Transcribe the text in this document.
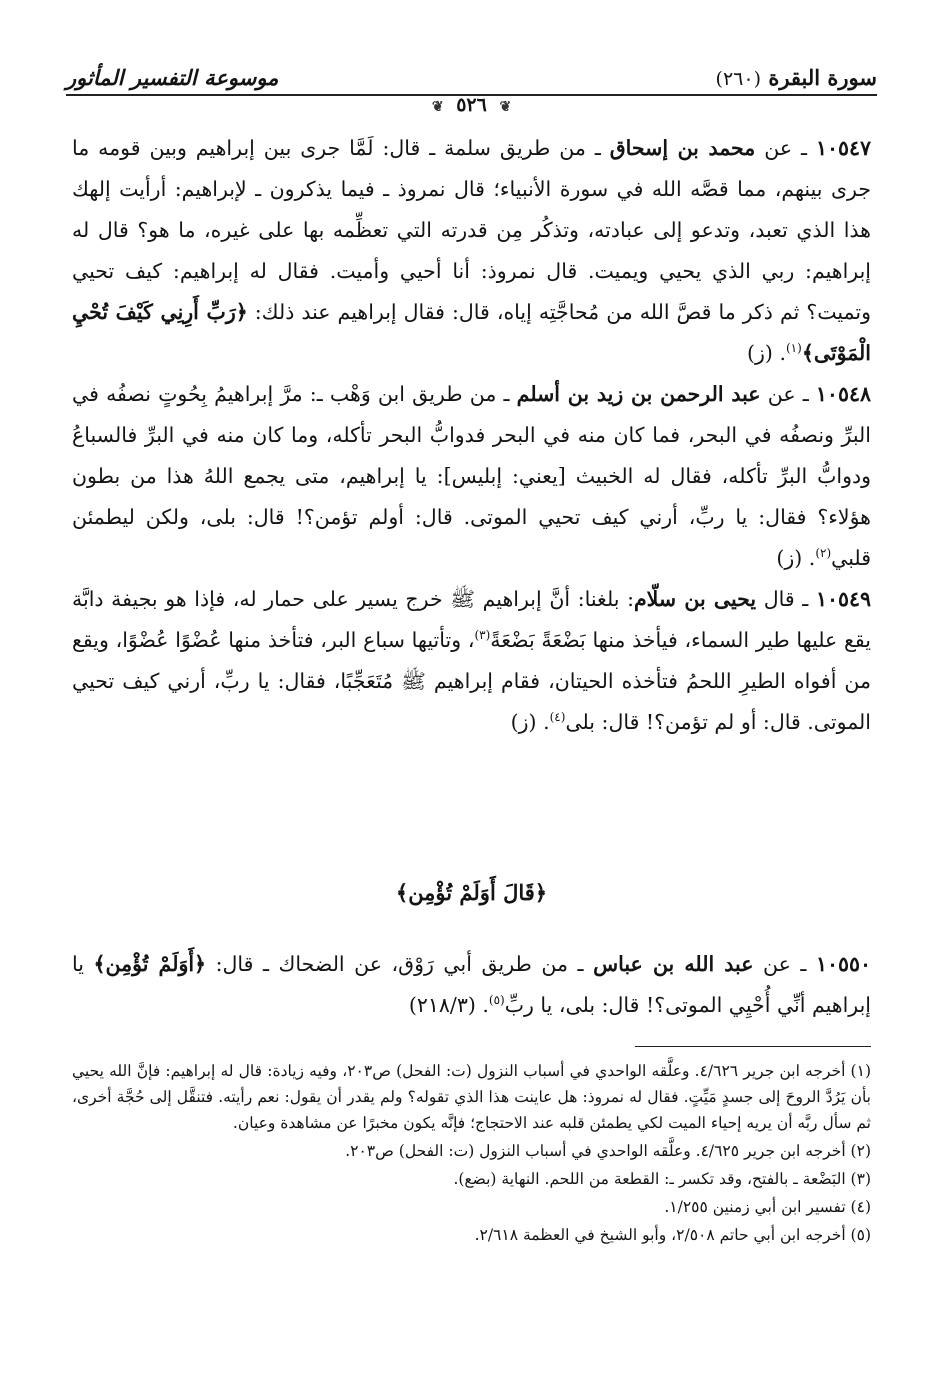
سورة البقرة (٢٦٠)
موسوعة التفسير المأثور
❦ ٥٢٦ ❦

١٠٥٤٧ ـ عن محمد بن إسحاق ـ من طريق سلمة ـ قال: لَمَّا جرى بين إبراهيم وبين قومه ما جرى بينهم، مما قصَّه الله في سورة الأنبياء؛ قال نمروذ ـ فيما يذكرون ـ لإبراهيم: أرأيت إلهك هذا الذي تعبد، وتدعو إلى عبادته، وتذكُر مِن قدرته التي تعظِّمه بها على غيره، ما هو؟ قال له إبراهيم: ربي الذي يحيي ويميت. قال نمروذ: أنا أحيي وأميت. فقال له إبراهيم: كيف تحيي وتميت؟ ثم ذكر ما قصَّ الله من مُحاجَّتِه إياه، قال: فقال إبراهيم عند ذلك: ﴿رَبِّ أَرِنِي كَيْفَ تُحْيِ الْمَوْتَى﴾$^{(١)}$. (ز)

١٠٥٤٨ ـ عن عبد الرحمن بن زيد بن أسلم ـ من طريق ابن وَهْب ـ: مرَّ إبراهيمُ بِحُوتٍ نصفُه في البرِّ ونصفُه في البحر، فما كان منه في البحر فدوابُّ البحر تأكله، وما كان منه في البرِّ فالسباعُ ودوابُّ البرِّ تأكله، فقال له الخبيث [يعني: إبليس]: يا إبراهيم، متى يجمع اللهُ هذا من بطون هؤلاء؟ فقال: يا ربِّ، أرني كيف تحيي الموتى. قال: أولم تؤمن؟! قال: بلى، ولكن ليطمئن قلبي$^{(٢)}$. (ز)

١٠٥٤٩ ـ قال يحيى بن سلّام: بلغنا: أنَّ إبراهيم ﷺ خرج يسير على حمار له، فإذا هو بجيفة دابَّة يقع عليها طير السماء، فيأخذ منها بَضْعَةً بَضْعَةً$^{(٣)}$، وتأتيها سباع البر، فتأخذ منها عُضْوًا عُضْوًا، ويقع من أفواه الطيرِ اللحمُ فتأخذه الحيتان، فقام إبراهيم ﷺ مُتَعَجِّبًا، فقال: يا ربِّ، أرني كيف تحيي الموتى. قال: أو لم تؤمن؟! قال: بلى$^{(٤)}$. (ز)

﴿قَالَ أَوَلَمْ تُؤْمِن﴾

١٠٥٥٠ ـ عن عبد الله بن عباس ـ من طريق أبي رَوْق، عن الضحاك ـ قال: ﴿أَوَلَمْ تُؤْمِن﴾ يا إبراهيم أنِّي أُحْيِي الموتى؟! قال: بلى، يا ربِّ$^{(٥)}$. (٢١٨/٣)

(١) أخرجه ابن جرير ٤/٦٢٦. وعلَّقه الواحدي في أسباب النزول (ت: الفحل) ص٢٠٣، وفيه زيادة: قال له إبراهيم: فإنَّ الله يحيي بأن يَرُدَّ الروحَ إلى جسدٍ مَيِّتٍ. فقال له نمروذ: هل عاينت هذا الذي تقوله؟ ولم يقدر أن يقول: نعم رأيته. فتنقَّل إلى حُجَّة أخرى، ثم سأل ربَّه أن يريه إحياء الميت لكي يطمئن قلبه عند الاحتجاج؛ فإنَّه يكون مخبرًا عن مشاهدة وعيان.

(٢) أخرجه ابن جرير ٤/٦٢٥. وعلَّقه الواحدي في أسباب النزول (ت: الفحل) ص٢٠٣.

(٣) البَضْعة ـ بالفتح، وقد تكسر ـ: القطعة من اللحم. النهاية (بضع).

(٤) تفسير ابن أبي زمنين ١/٢٥٥.

(٥) أخرجه ابن أبي حاتم ٢/٥٠٨، وأبو الشيخ في العظمة ٢/٦١٨.
